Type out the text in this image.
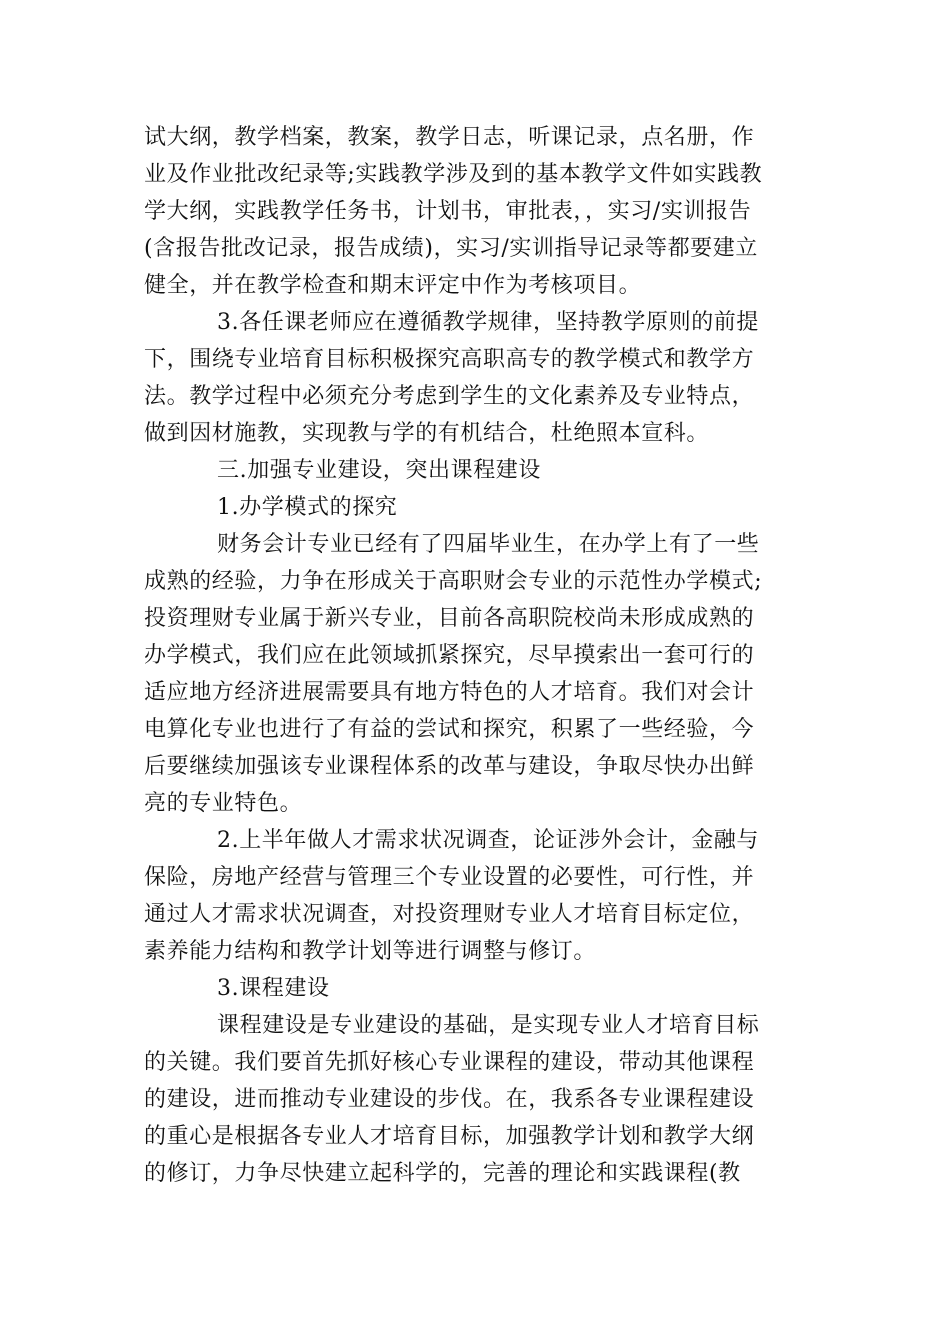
试大纲，教学档案，教案，教学日志，听课记录，点名册，作
业及作业批改纪录等;实践教学涉及到的基本教学文件如实践教
学大纲，实践教学任务书，计划书，审批表，，实习/实训报告
(含报告批改记录，报告成绩)，实习/实训指导记录等都要建立
健全，并在教学检查和期末评定中作为考核项目。
3.各任课老师应在遵循教学规律，坚持教学原则的前提
下，围绕专业培育目标积极探究高职高专的教学模式和教学方
法。教学过程中必须充分考虑到学生的文化素养及专业特点，
做到因材施教，实现教与学的有机结合，杜绝照本宣科。
三.加强专业建设，突出课程建设
1.办学模式的探究
财务会计专业已经有了四届毕业生，在办学上有了一些
成熟的经验，力争在形成关于高职财会专业的示范性办学模式;
投资理财专业属于新兴专业，目前各高职院校尚未形成成熟的
办学模式，我们应在此领域抓紧探究，尽早摸索出一套可行的
适应地方经济进展需要具有地方特色的人才培育。我们对会计
电算化专业也进行了有益的尝试和探究，积累了一些经验，今
后要继续加强该专业课程体系的改革与建设，争取尽快办出鲜
亮的专业特色。
2.上半年做人才需求状况调查，论证涉外会计，金融与
保险，房地产经营与管理三个专业设置的必要性，可行性，并
通过人才需求状况调查，对投资理财专业人才培育目标定位，
素养能力结构和教学计划等进行调整与修订。
3.课程建设
课程建设是专业建设的基础，是实现专业人才培育目标
的关键。我们要首先抓好核心专业课程的建设，带动其他课程
的建设，进而推动专业建设的步伐。在，我系各专业课程建设
的重心是根据各专业人才培育目标，加强教学计划和教学大纲
的修订，力争尽快建立起科学的，完善的理论和实践课程(教
